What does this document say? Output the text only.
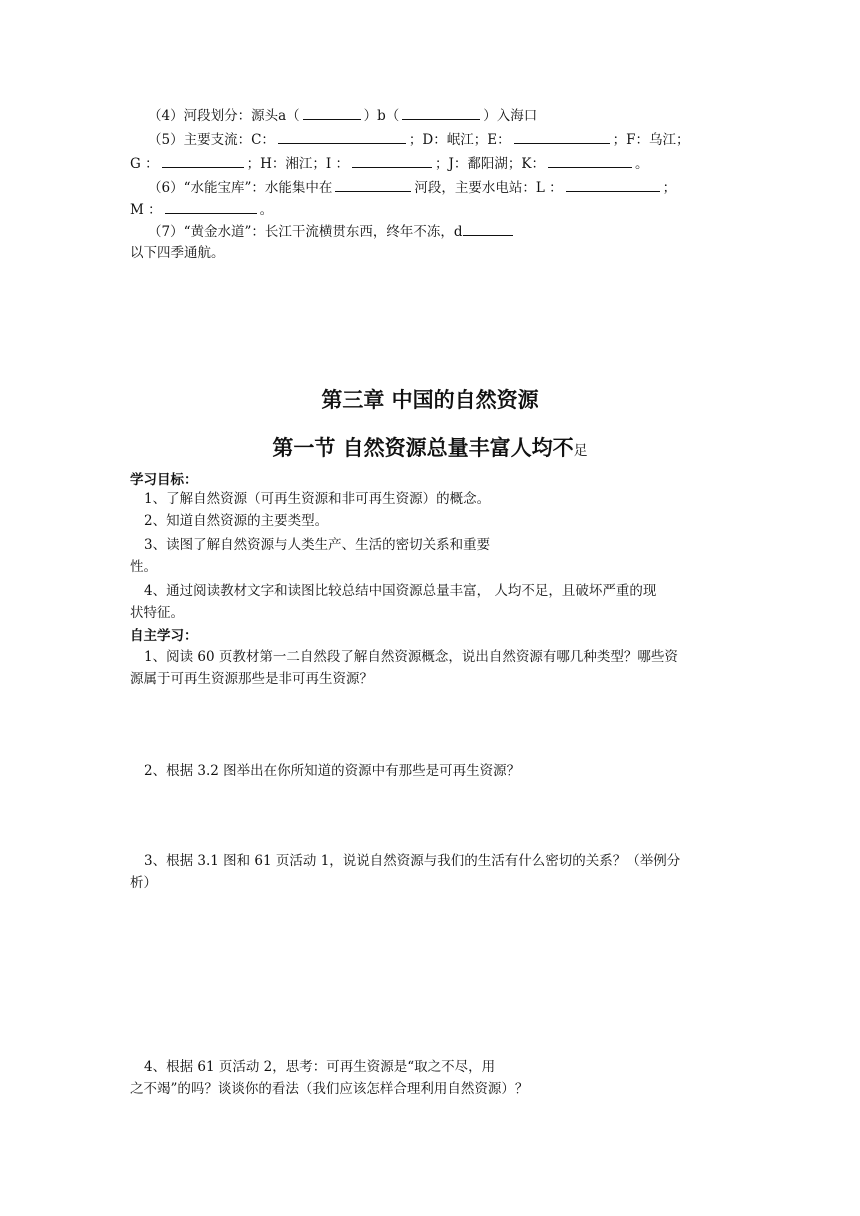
（4）河段划分：源头a（	）b（	）入海口
（5）主要支流：C：	；D：岷江；E：	；F：乌江；
G ：	；H：湘江；I ：	；J：鄱阳湖；K：	。
（6）“水能宝库”：水能集中在	河段，主要水电站：L ：	；
M ：	。
（7）“黄金水道”：长江干流横贯东西，终年不冻，d
以下四季通航。
第三章 中国的自然资源
第一节 自然资源总量丰富人均不足
学习目标：
1、了解自然资源（可再生资源和非可再生资源）的概念。
2、知道自然资源的主要类型。
3、读图了解自然资源与人类生产、生活的密切关系和重要
性。
4、通过阅读教材文字和读图比较总结中国资源总量丰富， 人均不足，且破坏严重的现
状特征。
自主学习：
1、阅读 60 页教材第一二自然段了解自然资源概念，说出自然资源有哪几种类型？哪些资
源属于可再生资源那些是非可再生资源？
2、根据 3.2 图举出在你所知道的资源中有那些是可再生资源？
3、根据 3.1 图和 61 页活动 1，说说自然资源与我们的生活有什么密切的关系？（举例分
析）
4、根据 61 页活动 2，思考：可再生资源是“取之不尽，用
之不竭”的吗？谈谈你的看法（我们应该怎样合理利用自然资源）？
